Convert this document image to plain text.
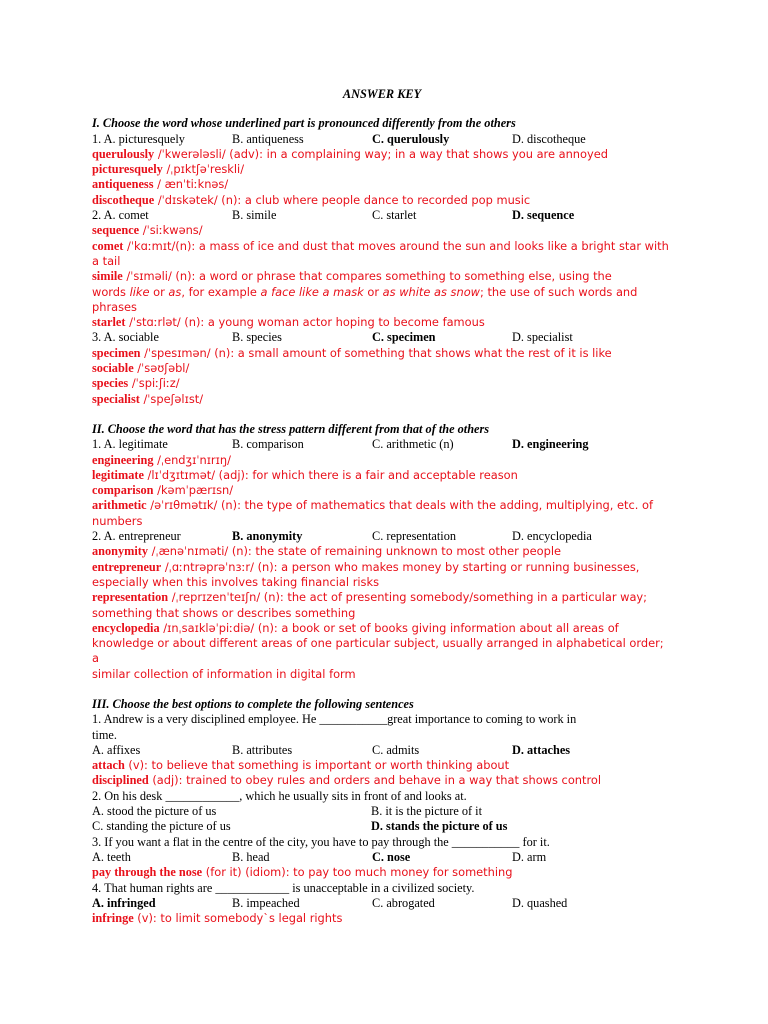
ANSWER KEY
I. Choose the word whose underlined part is pronounced differently from the others
1. A. picturesquely	B. antiqueness	C. querulously	D. discotheque
querulously /ˈkwerələsli/ (adv): in a complaining way; in a way that shows you are annoyed
picturesquely /ˌpɪktʃəˈreskli/
antiqueness / ænˈtiːknəs/
discotheque /ˈdɪskətek/ (n): a club where people dance to recorded pop music
2. A. comet	B. simile	C. starlet	D. sequence
sequence /ˈsiːkwəns/
comet /ˈkɑːmɪt/(n): a mass of ice and dust that moves around the sun and looks like a bright star with
a tail
simile /ˈsɪməli/ (n): a word or phrase that compares something to something else, using the
words like or as, for example a face like a mask or as white as snow; the use of such words and
phrases
starlet /ˈstɑːrlət/ (n): a young woman actor hoping to become famous
3. A. sociable	B. species	C. specimen	D. specialist
specimen /ˈspesɪmən/ (n): a small amount of something that shows what the rest of it is like
sociable /ˈsəʊʃəbl/
species /ˈspiːʃiːz/
specialist /ˈspeʃəlɪst/
II. Choose the word that has the stress pattern different from that of the others
1. A. legitimate	B. comparison	C. arithmetic (n)	D. engineering
engineering /ˌendʒɪˈnɪrɪŋ/
legitimate /lɪˈdʒɪtɪmət/ (adj): for which there is a fair and acceptable reason
comparison /kəmˈpærɪsn/
arithmetic /əˈrɪθmətɪk/ (n): the type of mathematics that deals with the adding, multiplying, etc. of
numbers
2. A. entrepreneur	B. anonymity	C. representation	D. encyclopedia
anonymity /ˌænəˈnɪməti/ (n): the state of remaining unknown to most other people
entrepreneur /ˌɑːntrəprəˈnɜːr/ (n): a person who makes money by starting or running businesses,
especially when this involves taking financial risks
representation /ˌreprɪzenˈteɪʃn/ (n): the act of presenting somebody/something in a particular way;
something that shows or describes something
encyclopedia /ɪnˌsaɪkləˈpiːdiə/ (n): a book or set of books giving information about all areas of
knowledge or about different areas of one particular subject, usually arranged in alphabetical order; a
similar collection of information in digital form
III. Choose the best options to complete the following sentences
1. Andrew is a very disciplined employee. He ___________great importance to coming to work in
time.
A. affixes	B. attributes	C. admits	D. attaches
attach (v): to believe that something is important or worth thinking about
disciplined (adj): trained to obey rules and orders and behave in a way that shows control
2. On his desk ____________, which he usually sits in front of and looks at.
A. stood the picture of us	B. it is the picture of it
C. standing the picture of us	D. stands the picture of us
3. If you want a flat in the centre of the city, you have to pay through the ___________ for it.
A. teeth	B. head	C. nose	D. arm
pay through the nose (for it) (idiom): to pay too much money for something
4. That human rights are ____________ is unacceptable in a civilized society.
A. infringed	B. impeached	C. abrogated	D. quashed
infringe (v): to limit somebody`s legal rights
